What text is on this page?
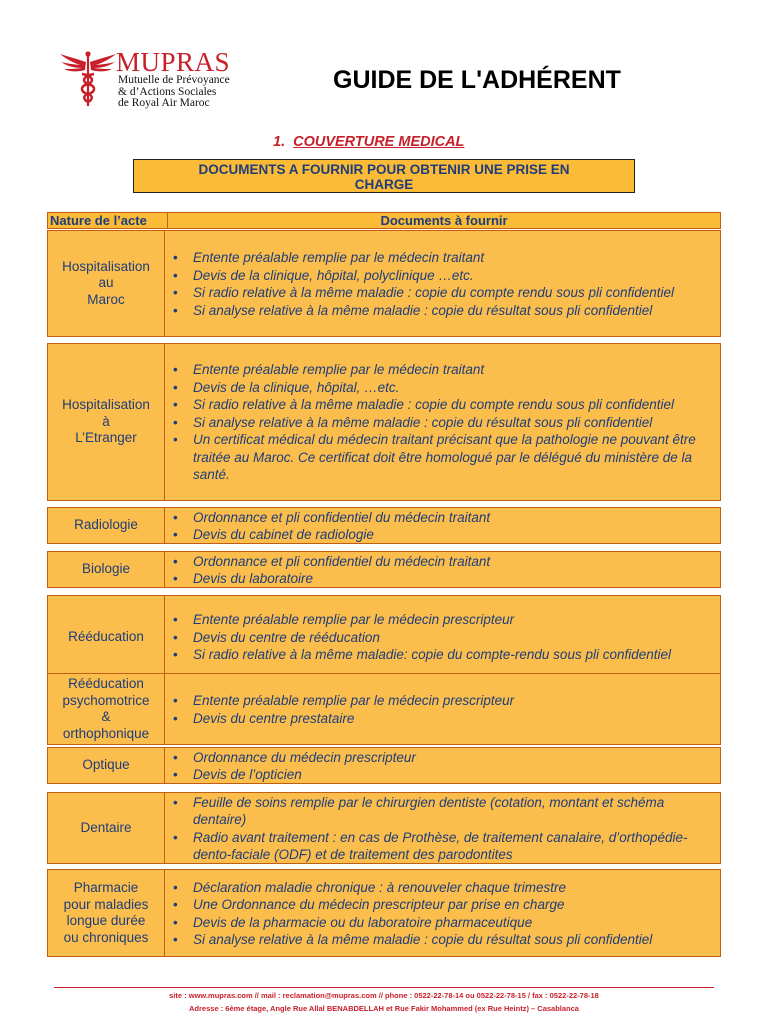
MUPRAS
Mutuelle de Prévoyance
& d’Actions Sociales
de Royal Air Maroc
GUIDE DE L'ADHÉRENT
1. COUVERTURE MEDICAL
DOCUMENTS A FOURNIR POUR OBTENIR UNE PRISE EN
CHARGE
Nature de l’acte	Documents à fournir
Hospitalisation
au
Maroc
• Entente préalable remplie par le médecin traitant
• Devis de la clinique, hôpital, polyclinique …etc.
• Si radio relative à la même maladie : copie du compte rendu sous pli confidentiel
• Si analyse relative à la même maladie : copie du résultat sous pli confidentiel
Hospitalisation
à
L’Etranger
• Entente préalable remplie par le médecin traitant
• Devis de la clinique, hôpital, …etc.
• Si radio relative à la même maladie : copie du compte rendu sous pli confidentiel
• Si analyse relative à la même maladie : copie du résultat sous pli confidentiel
• Un certificat médical du médecin traitant précisant que la pathologie ne pouvant être traitée au Maroc. Ce certificat doit être homologué par le délégué du ministère de la santé.
Radiologie
• Ordonnance et pli confidentiel du médecin traitant
• Devis du cabinet de radiologie
Biologie
• Ordonnance et pli confidentiel du médecin traitant
• Devis du laboratoire
Rééducation
• Entente préalable remplie par le médecin prescripteur
• Devis du centre de rééducation
• Si radio relative à la même maladie: copie du compte-rendu sous pli confidentiel
Rééducation
psychomotrice
&
orthophonique
• Entente préalable remplie par le médecin prescripteur
• Devis du centre prestataire
Optique
• Ordonnance du médecin prescripteur
• Devis de l’opticien
Dentaire
• Feuille de soins remplie par le chirurgien dentiste (cotation, montant et schéma dentaire)
• Radio avant traitement : en cas de Prothèse, de traitement canalaire, d’orthopédie-dento-faciale (ODF) et de traitement des parodontites
Pharmacie
pour maladies
longue durée
ou chroniques
• Déclaration maladie chronique : à renouveler chaque trimestre
• Une Ordonnance du médecin prescripteur par prise en charge
• Devis de la pharmacie ou du laboratoire pharmaceutique
• Si analyse relative à la même maladie : copie du résultat sous pli confidentiel
site : www.mupras.com // mail : reclamation@mupras.com // phone : 0522-22-78-14 ou 0522-22-78-15 / fax : 0522-22-78-18
Adresse : 6ème étage, Angle Rue Allal BENABDELLAH et Rue Fakir Mohammed (ex Rue Heintz) – Casablanca
